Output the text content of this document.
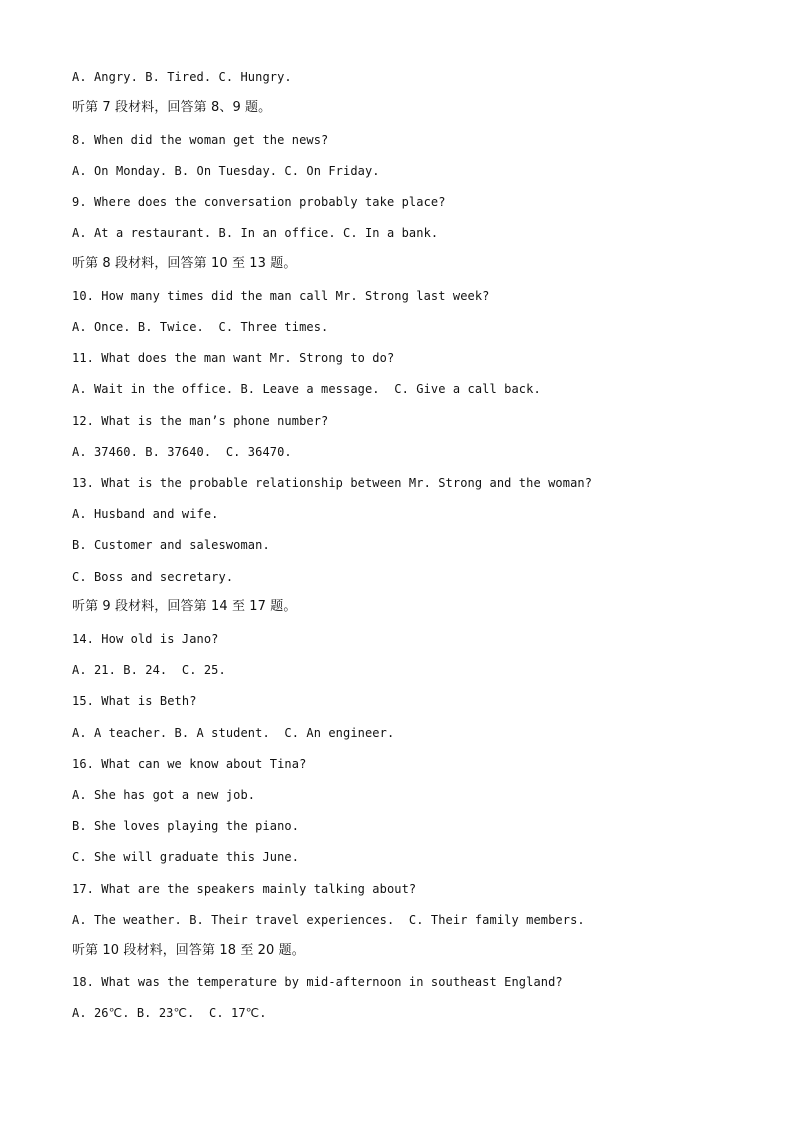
A. Angry. B. Tired. C. Hungry.
听第 7 段材料，回答第 8、9 题。
8. When did the woman get the news?
A. On Monday. B. On Tuesday. C. On Friday.
9. Where does the conversation probably take place?
A. At a restaurant. B. In an office. C. In a bank.
听第 8 段材料，回答第 10 至 13 题。
10. How many times did the man call Mr. Strong last week?
A. Once. B. Twice.  C. Three times.
11. What does the man want Mr. Strong to do?
A. Wait in the office. B. Leave a message.  C. Give a call back.
12. What is the man’s phone number?
A. 37460. B. 37640.  C. 36470.
13. What is the probable relationship between Mr. Strong and the woman?
A. Husband and wife.
B. Customer and saleswoman.
C. Boss and secretary.
听第 9 段材料，回答第 14 至 17 题。
14. How old is Jano?
A. 21. B. 24.  C. 25.
15. What is Beth?
A. A teacher. B. A student.  C. An engineer.
16. What can we know about Tina?
A. She has got a new job.
B. She loves playing the piano.
C. She will graduate this June.
17. What are the speakers mainly talking about?
A. The weather. B. Their travel experiences.  C. Their family members.
听第 10 段材料，回答第 18 至 20 题。
18. What was the temperature by mid-afternoon in southeast England?
A. 26℃. B. 23℃.  C. 17℃.
